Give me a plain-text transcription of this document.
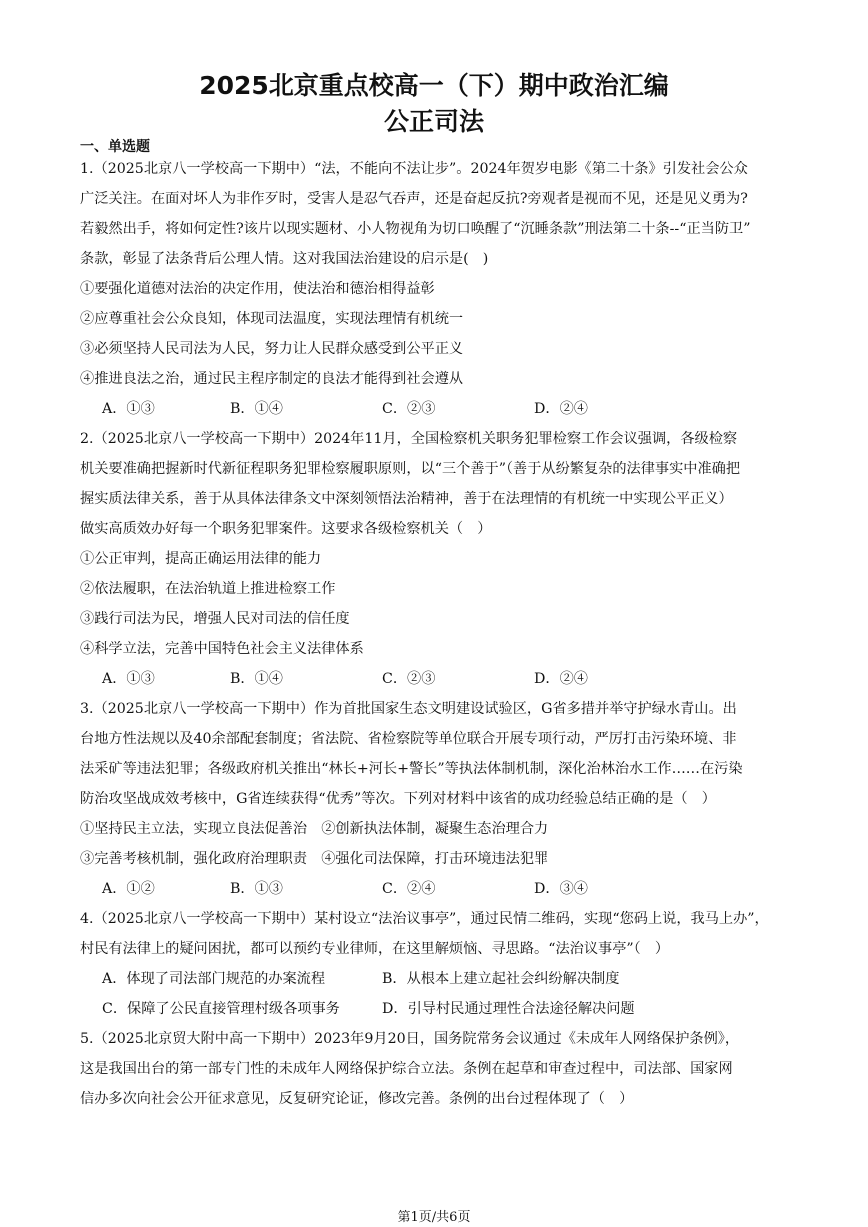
2025北京重点校高一（下）期中政治汇编
公正司法
一、单选题
1.（2025北京八一学校高一下期中）“法，不能向不法让步”。2024年贺岁电影《第二十条》引发社会公众
广泛关注。在面对坏人为非作歹时，受害人是忍气吞声，还是奋起反抗?旁观者是视而不见，还是见义勇为?
若毅然出手，将如何定性?该片以现实题材、小人物视角为切口唤醒了“沉睡条款”刑法第二十条--“正当防卫”
条款，彰显了法条背后公理人情。这对我国法治建设的启示是(　)
①要强化道德对法治的决定作用，使法治和德治相得益彰
②应尊重社会公众良知，体现司法温度，实现法理情有机统一
③必须坚持人民司法为人民，努力让人民群众感受到公平正义
④推进良法之治，通过民主程序制定的良法才能得到社会遵从
A．①③	B．①④	C．②③	D．②④
2.（2025北京八一学校高一下期中）2024年11月，全国检察机关职务犯罪检察工作会议强调，各级检察
机关要准确把握新时代新征程职务犯罪检察履职原则，以“三个善于”（善于从纷繁复杂的法律事实中准确把
握实质法律关系，善于从具体法律条文中深刻领悟法治精神，善于在法理情的有机统一中实现公平正义）
做实高质效办好每一个职务犯罪案件。这要求各级检察机关（　）
①公正审判，提高正确运用法律的能力
②依法履职，在法治轨道上推进检察工作
③践行司法为民，增强人民对司法的信任度
④科学立法，完善中国特色社会主义法律体系
A．①③	B．①④	C．②③	D．②④
3.（2025北京八一学校高一下期中）作为首批国家生态文明建设试验区，G省多措并举守护绿水青山。出
台地方性法规以及40余部配套制度；省法院、省检察院等单位联合开展专项行动，严厉打击污染环境、非
法采矿等违法犯罪；各级政府机关推出“林长+河长+警长”等执法体制机制，深化治林治水工作……在污染
防治攻坚战成效考核中，G省连续获得“优秀”等次。下列对材料中该省的成功经验总结正确的是（　）
①坚持民主立法，实现立良法促善治　②创新执法体制，凝聚生态治理合力
③完善考核机制，强化政府治理职责　④强化司法保障，打击环境违法犯罪
A．①②	B．①③	C．②④	D．③④
4.（2025北京八一学校高一下期中）某村设立“法治议事亭”，通过民情二维码，实现“您码上说，我马上办”，
村民有法律上的疑问困扰，都可以预约专业律师，在这里解烦恼、寻思路。“法治议事亭”（　）
A．体现了司法部门规范的办案流程	B．从根本上建立起社会纠纷解决制度
C．保障了公民直接管理村级各项事务	D．引导村民通过理性合法途径解决问题
5.（2025北京贸大附中高一下期中）2023年9月20日，国务院常务会议通过《未成年人网络保护条例》，
这是我国出台的第一部专门性的未成年人网络保护综合立法。条例在起草和审查过程中，司法部、国家网
信办多次向社会公开征求意见，反复研究论证，修改完善。条例的出台过程体现了（　）
第1页/共6页
